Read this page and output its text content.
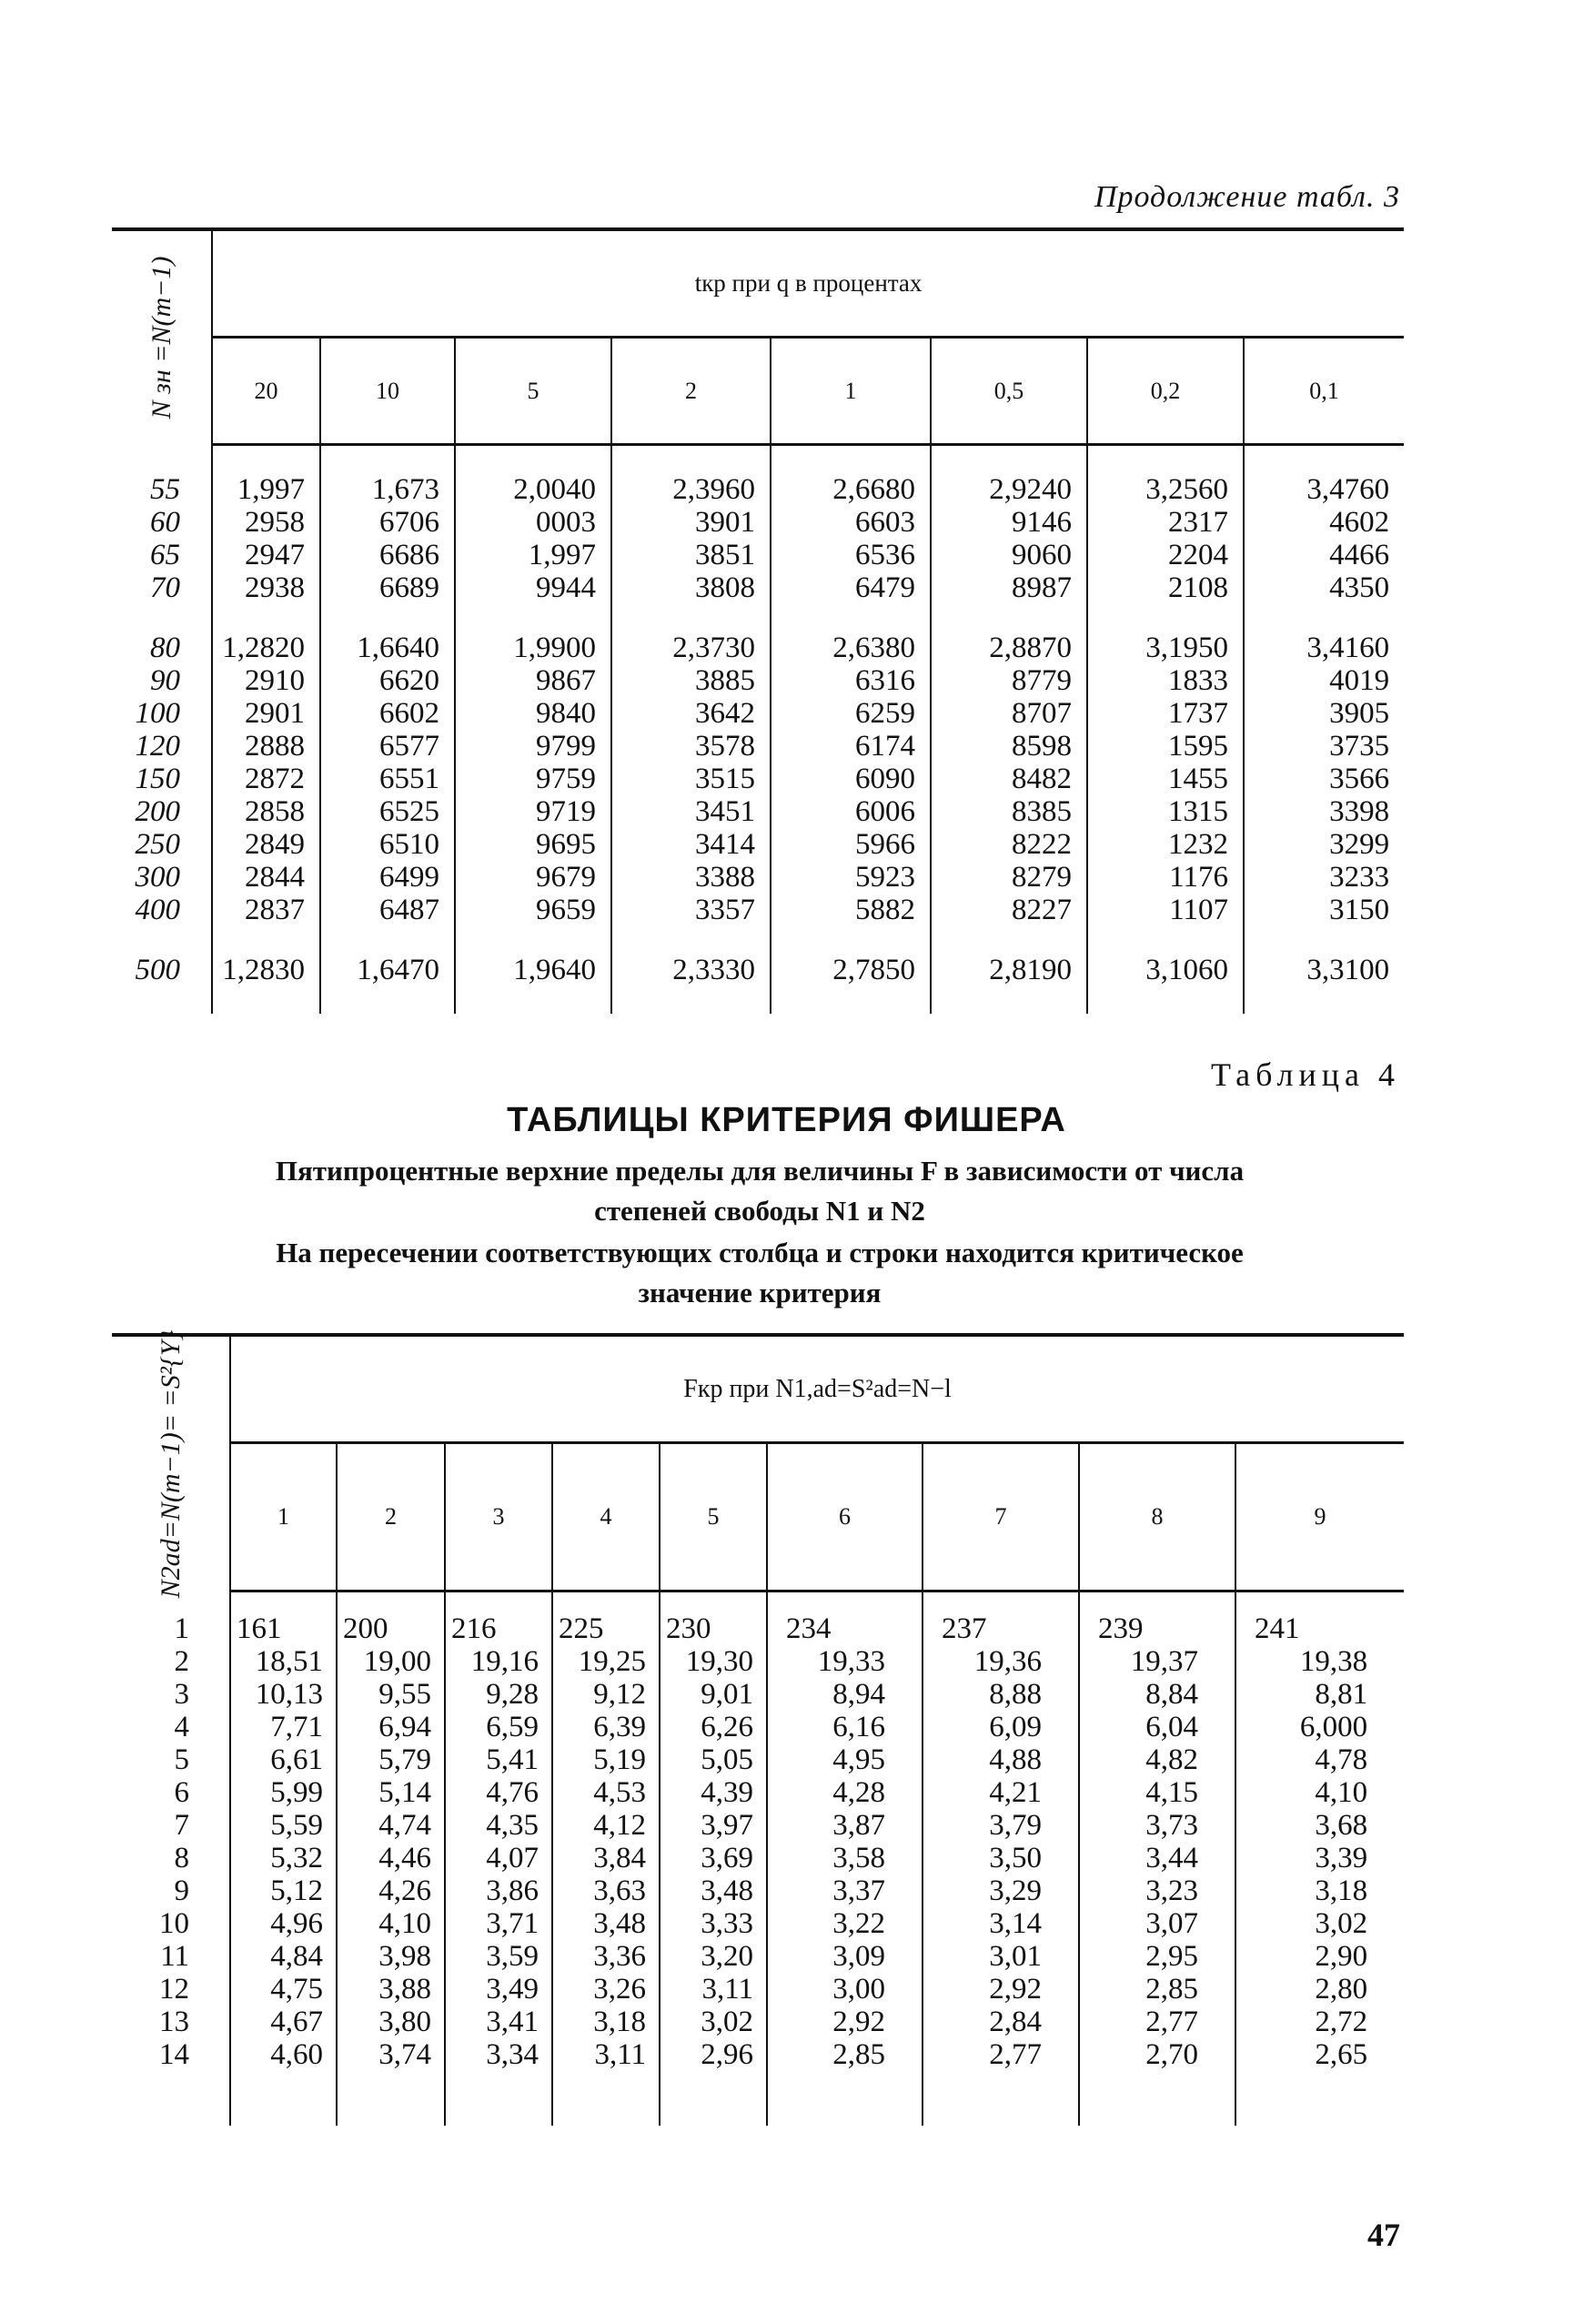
Продолжение табл. 3
N зн =N(m−1)	tкр при q в процентах							
	20	10	5	2	1	0,5	0,2	0,1

55	1,997	1,673	2,0040	2,3960	2,6680	2,9240	3,2560	3,4760
60	2958	6706	0003	3901	6603	9146	2317	4602
65	2947	6686	1,997	3851	6536	9060	2204	4466
70	2938	6689	9944	3808	6479	8987	2108	4350

80	1,2820	1,6640	1,9900	2,3730	2,6380	2,8870	3,1950	3,4160
90	2910	6620	9867	3885	6316	8779	1833	4019
100	2901	6602	9840	3642	6259	8707	1737	3905
120	2888	6577	9799	3578	6174	8598	1595	3735
150	2872	6551	9759	3515	6090	8482	1455	3566
200	2858	6525	9719	3451	6006	8385	1315	3398
250	2849	6510	9695	3414	5966	8222	1232	3299
300	2844	6499	9679	3388	5923	8279	1176	3233
400	2837	6487	9659	3357	5882	8227	1107	3150

500	1,2830	1,6470	1,9640	2,3330	2,7850	2,8190	3,1060	3,3100

Таблица 4
ТАБЛИЦЫ КРИТЕРИЯ ФИШЕРА
Пятипроцентные верхние пределы для величины F в зависимости от числа
степеней свободы N1 и N2
На пересечении соответствующих столбца и строки находится критическое
значение критерия
N2ad=N(m−1)= =S²{Y}	Fкр при N1,ad=S²ad=N−l								
	1	2	3	4	5	6	7	8	9

1	161	200	216	225	230	234	237	239	241
2	18,51	19,00	19,16	19,25	19,30	19,33	19,36	19,37	19,38
3	10,13	9,55	9,28	9,12	9,01	8,94	8,88	8,84	8,81
4	7,71	6,94	6,59	6,39	6,26	6,16	6,09	6,04	6,000
5	6,61	5,79	5,41	5,19	5,05	4,95	4,88	4,82	4,78
6	5,99	5,14	4,76	4,53	4,39	4,28	4,21	4,15	4,10
7	5,59	4,74	4,35	4,12	3,97	3,87	3,79	3,73	3,68
8	5,32	4,46	4,07	3,84	3,69	3,58	3,50	3,44	3,39
9	5,12	4,26	3,86	3,63	3,48	3,37	3,29	3,23	3,18
10	4,96	4,10	3,71	3,48	3,33	3,22	3,14	3,07	3,02
11	4,84	3,98	3,59	3,36	3,20	3,09	3,01	2,95	2,90
12	4,75	3,88	3,49	3,26	3,11	3,00	2,92	2,85	2,80
13	4,67	3,80	3,41	3,18	3,02	2,92	2,84	2,77	2,72
14	4,60	3,74	3,34	3,11	2,96	2,85	2,77	2,70	2,65

47
